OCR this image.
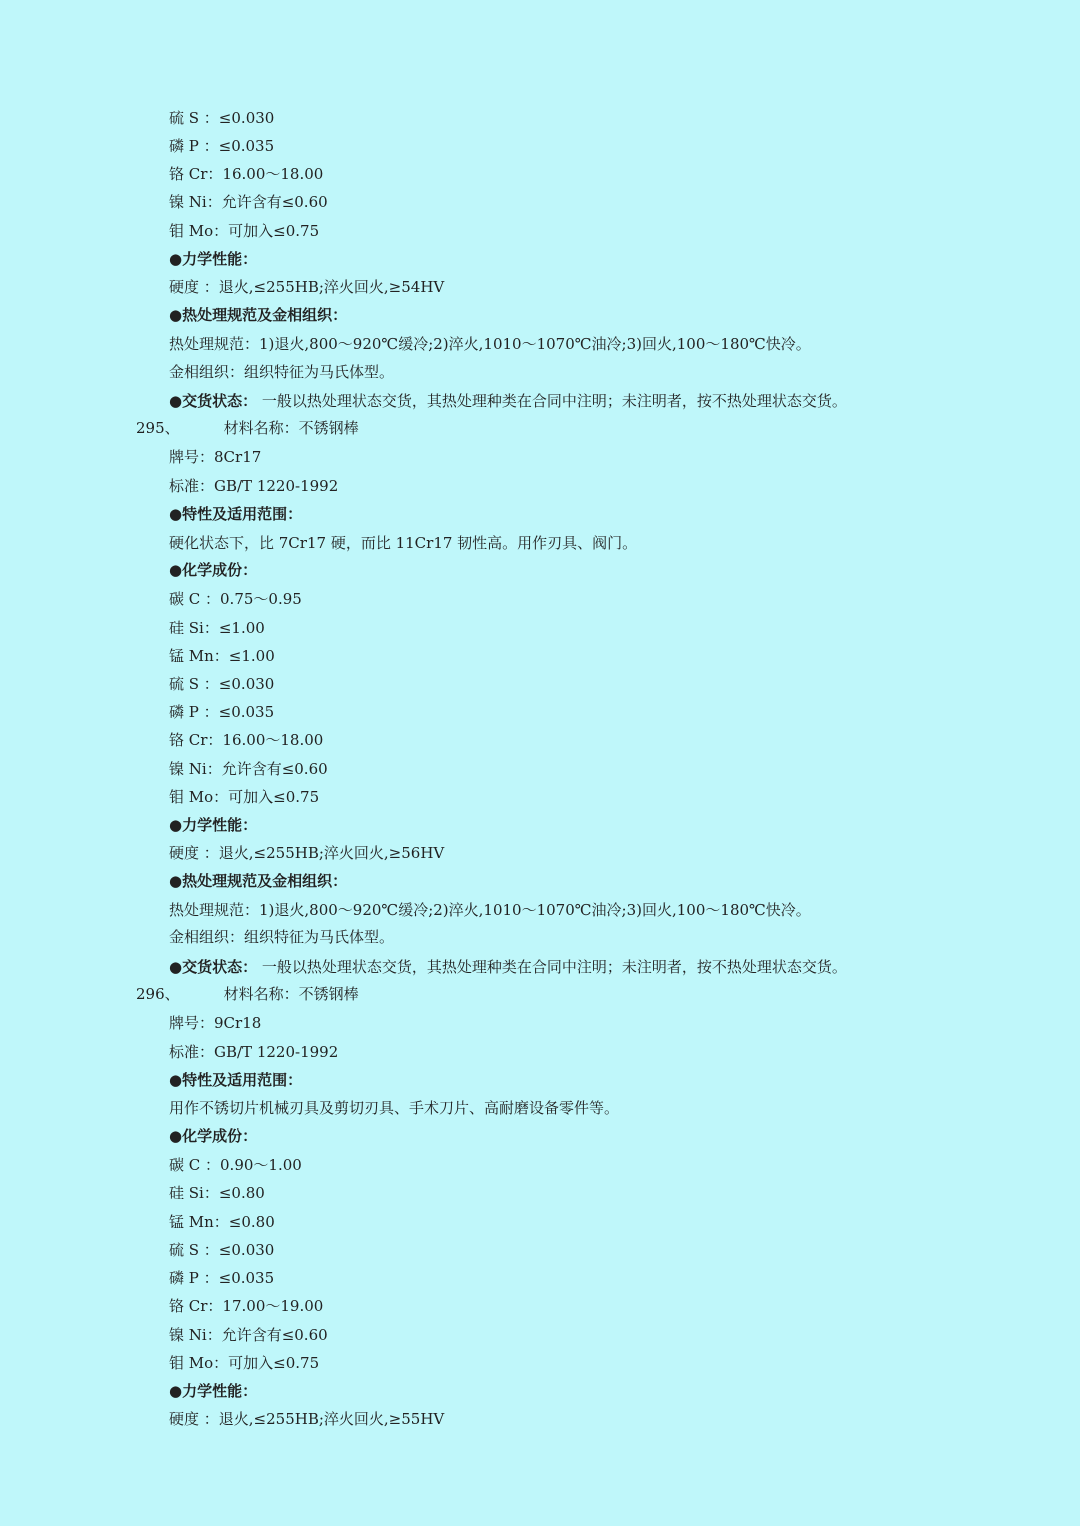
硫 S ：≤0.030
磷 P ：≤0.035
铬 Cr：16.00～18.00
镍 Ni：允许含有≤0.60
钼 Mo：可加入≤0.75
●力学性能：
硬度 ：退火,≤255HB;淬火回火,≥54HV
●热处理规范及金相组织：
热处理规范：1)退火,800～920℃缓冷;2)淬火,1010～1070℃油冷;3)回火,100～180℃快冷。
金相组织：组织特征为马氏体型。
●交货状态： 一般以热处理状态交货，其热处理种类在合同中注明；未注明者，按不热处理状态交货。
295、	材料名称：不锈钢棒
牌号：8Cr17
标准：GB/T 1220-1992
●特性及适用范围：
硬化状态下，比 7Cr17 硬，而比 11Cr17 韧性高。用作刃具、阀门。
●化学成份：
碳 C ：0.75～0.95
硅 Si：≤1.00
锰 Mn：≤1.00
硫 S ：≤0.030
磷 P ：≤0.035
铬 Cr：16.00～18.00
镍 Ni：允许含有≤0.60
钼 Mo：可加入≤0.75
●力学性能：
硬度 ：退火,≤255HB;淬火回火,≥56HV
●热处理规范及金相组织：
热处理规范：1)退火,800～920℃缓冷;2)淬火,1010～1070℃油冷;3)回火,100～180℃快冷。
金相组织：组织特征为马氏体型。
●交货状态： 一般以热处理状态交货，其热处理种类在合同中注明；未注明者，按不热处理状态交货。
296、	材料名称：不锈钢棒
牌号：9Cr18
标准：GB/T 1220-1992
●特性及适用范围：
用作不锈切片机械刃具及剪切刃具、手术刀片、高耐磨设备零件等。
●化学成份：
碳 C ：0.90～1.00
硅 Si：≤0.80
锰 Mn：≤0.80
硫 S ：≤0.030
磷 P ：≤0.035
铬 Cr：17.00～19.00
镍 Ni：允许含有≤0.60
钼 Mo：可加入≤0.75
●力学性能：
硬度 ：退火,≤255HB;淬火回火,≥55HV
